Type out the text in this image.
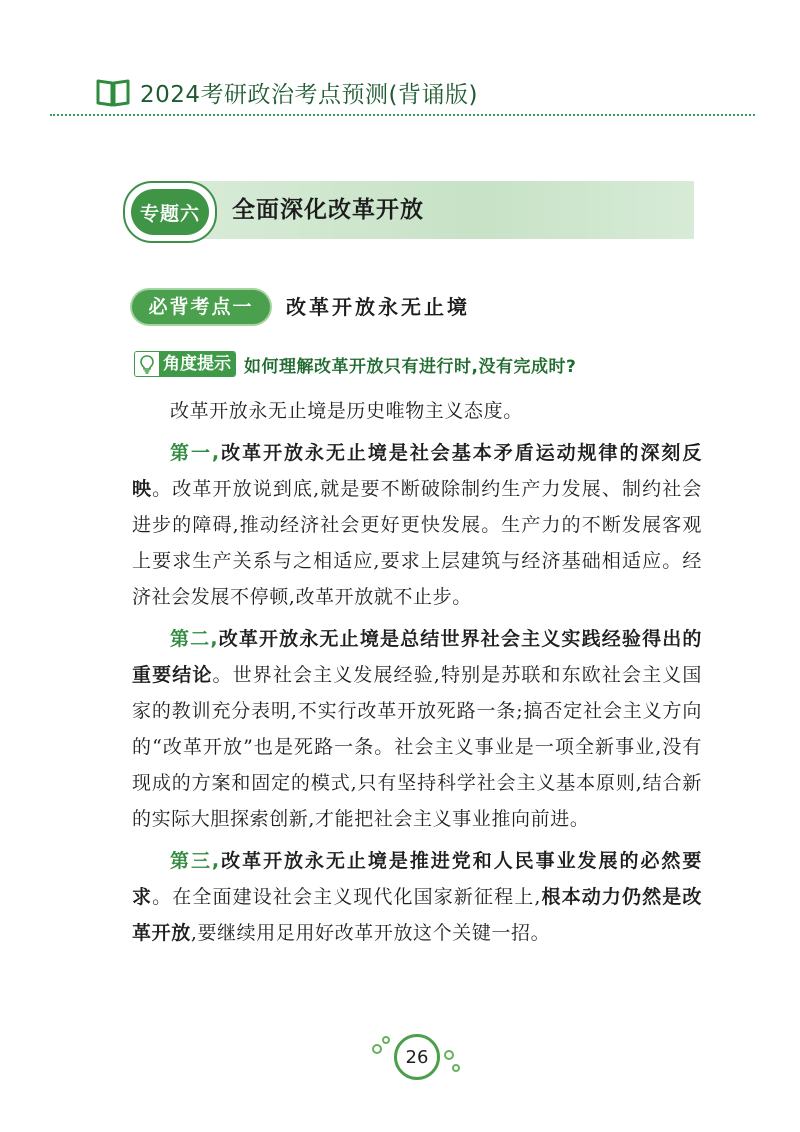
2024考研政治考点预测(背诵版)
专题六	全面深化改革开放
必背考点一	改革开放永无止境
角度提示 如何理解改革开放只有进行时,没有完成时?

改革开放永无止境是历史唯物主义态度。

第一,改革开放永无止境是社会基本矛盾运动规律的深刻反映。改革开放说到底,就是要不断破除制约生产力发展、制约社会进步的障碍,推动经济社会更好更快发展。生产力的不断发展客观上要求生产关系与之相适应,要求上层建筑与经济基础相适应。经济社会发展不停顿,改革开放就不止步。

第二,改革开放永无止境是总结世界社会主义实践经验得出的重要结论。世界社会主义发展经验,特别是苏联和东欧社会主义国家的教训充分表明,不实行改革开放死路一条;搞否定社会主义方向的“改革开放”也是死路一条。社会主义事业是一项全新事业,没有现成的方案和固定的模式,只有坚持科学社会主义基本原则,结合新的实际大胆探索创新,才能把社会主义事业推向前进。

第三,改革开放永无止境是推进党和人民事业发展的必然要求。在全面建设社会主义现代化国家新征程上,根本动力仍然是改革开放,要继续用足用好改革开放这个关键一招。

26
